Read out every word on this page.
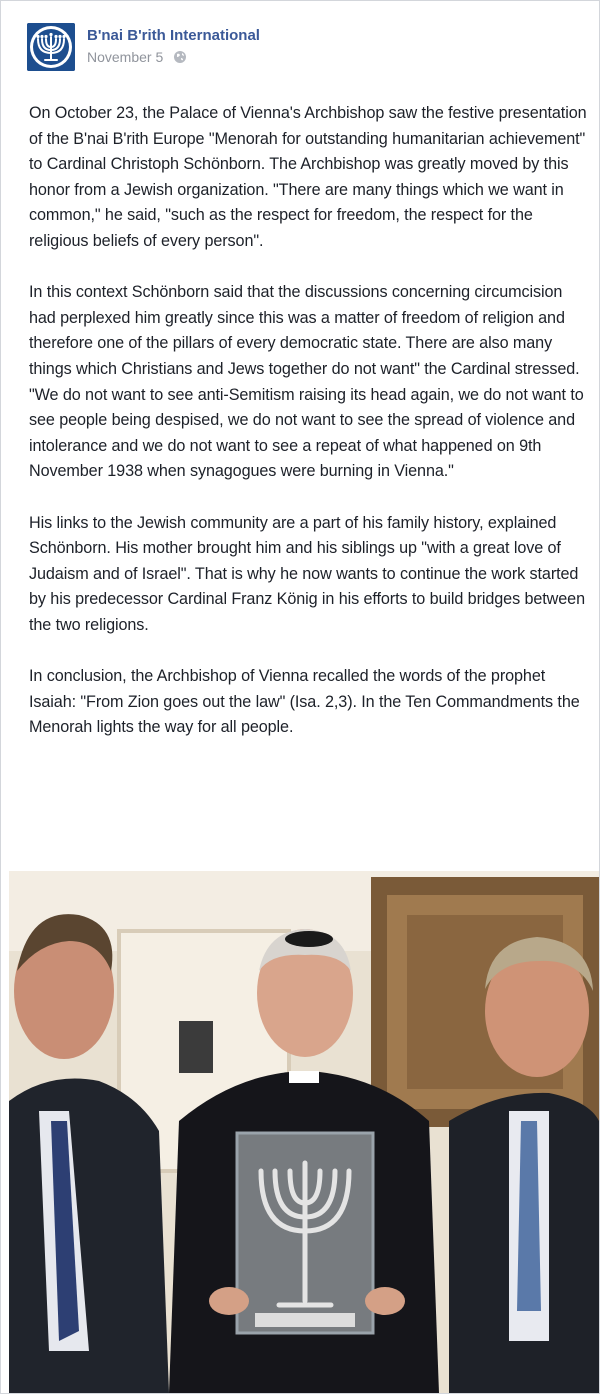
B'nai B'rith International
November 5

On October 23, the Palace of Vienna's Archbishop saw the festive presentation of the B'nai B'rith Europe "Menorah for outstanding humanitarian achievement" to Cardinal Christoph Schönborn. The Archbishop was greatly moved by this honor from a Jewish organization. "There are many things which we want in common," he said, "such as the respect for freedom, the respect for the religious beliefs of every person".

In this context Schönborn said that the discussions concerning circumcision had perplexed him greatly since this was a matter of freedom of religion and therefore one of the pillars of every democratic state. There are also many things which Christians and Jews together do not want" the Cardinal stressed. "We do not want to see anti-Semitism raising its head again, we do not want to see people being despised, we do not want to see the spread of violence and intolerance and we do not want to see a repeat of what happened on 9th November 1938 when synagogues were burning in Vienna."

His links to the Jewish community are a part of his family history, explained Schönborn. His mother brought him and his siblings up "with a great love of Judaism and of Israel". That is why he now wants to continue the work started by his predecessor Cardinal Franz König in his efforts to build bridges between the two religions.

In conclusion, the Archbishop of Vienna recalled the words of the prophet Isaiah: "From Zion goes out the law" (Isa. 2,3). In the Ten Commandments the Menorah lights the way for all people.
